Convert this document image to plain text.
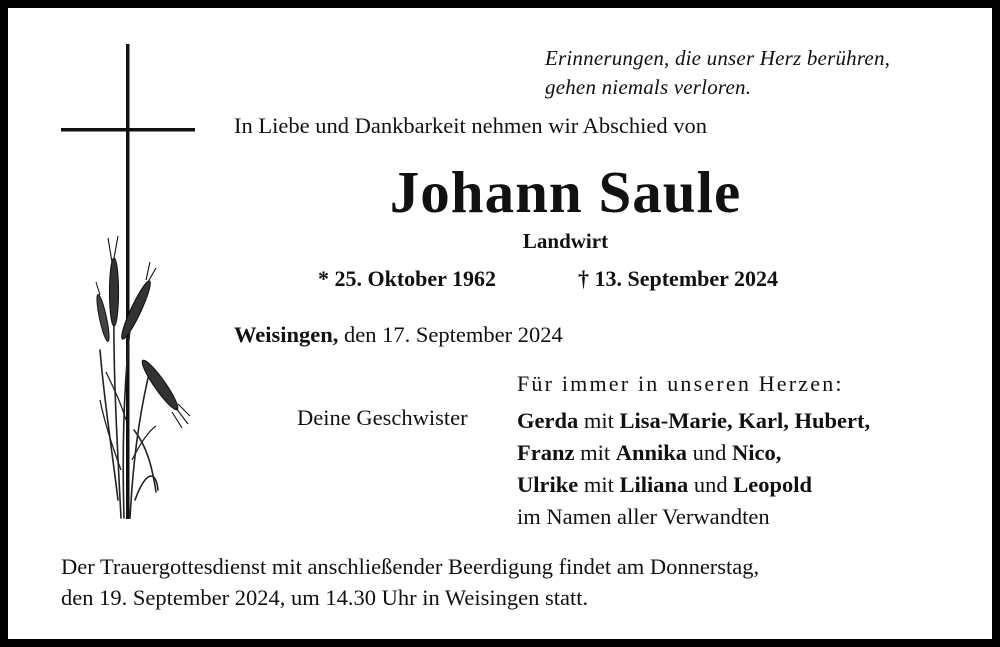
Erinnerungen, die unser Herz berühren,
gehen niemals verloren.
In Liebe und Dankbarkeit nehmen wir Abschied von
Johann Saule
Landwirt
* 25. Oktober 1962	† 13. September 2024
Weisingen, den 17. September 2024
Für immer in unseren Herzen:
Deine Geschwister Gerda mit Lisa-Marie, Karl, Hubert,
Franz mit Annika und Nico,
Ulrike mit Liliana und Leopold
im Namen aller Verwandten
Der Trauergottesdienst mit anschließender Beerdigung findet am Donnerstag,
den 19. September 2024, um 14.30 Uhr in Weisingen statt.
